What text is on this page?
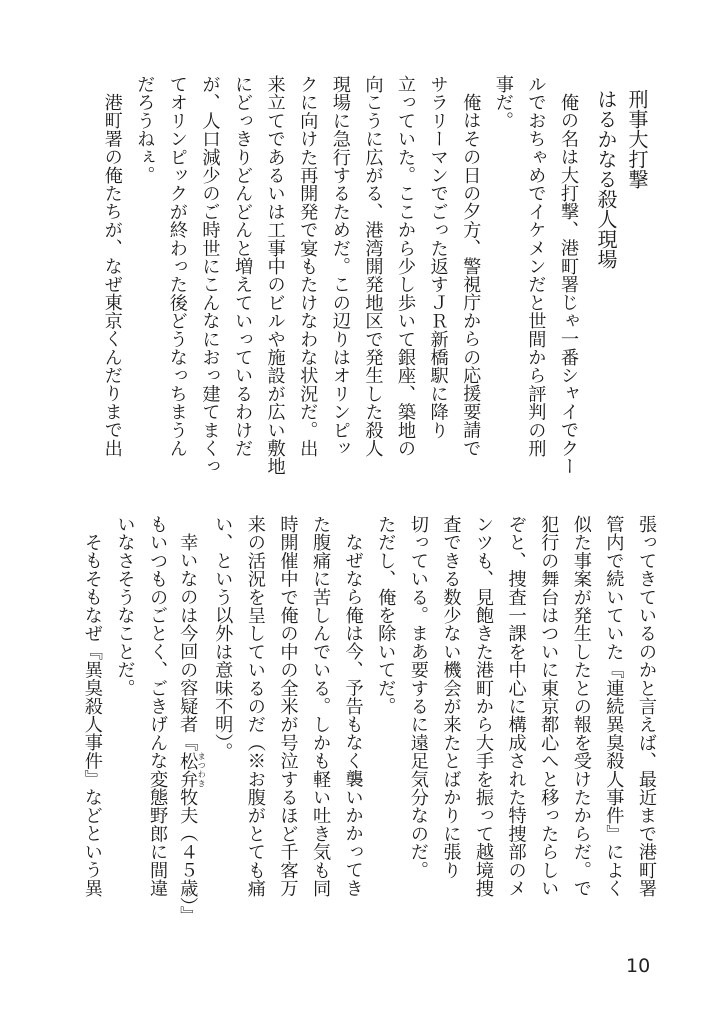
刑事大打撃
はるかなる殺人現場
俺の名は大打撃、港町署じゃ一番シャイでクー
ルでおちゃめでイケメンだと世間から評判の刑
事だ。
俺はその日の夕方、警視庁からの応援要請で
サラリーマンでごった返すＪＲ新橋駅に降り
立っていた。ここから少し歩いて銀座、築地の
向こうに広がる、港湾開発地区で発生した殺人
現場に急行するためだ。この辺りはオリンピッ
クに向けた再開発で宴もたけなわな状況だ。出
来立てであるいは工事中のビルや施設が広い敷地
にどっきりどんどんと増えていっているわけだ
が、人口減少のご時世にこんなにおっ建てまくっ
てオリンピックが終わった後どうなっちまうん
だろうねぇ。
港町署の俺たちが、なぜ東京くんだりまで出
張ってきているのかと言えば、最近まで港町署
管内で続いていた『連続異臭殺人事件』によく
似た事案が発生したとの報を受けたからだ。で
犯行の舞台はついに東京都心へと移ったらしい
ぞと、捜査一課を中心に構成された特捜部のメ
ンツも、見飽きた港町から大手を振って越境捜
査できる数少ない機会が来たとばかりに張り
切っている。まあ要するに遠足気分なのだ。
ただし、俺を除いてだ。
なぜなら俺は今、予告もなく襲いかかってき
た腹痛に苦しんでいる。しかも軽い吐き気も同
時開催中で俺の中の全米が号泣するほど千客万
来の活況を呈しているのだ（※お腹がとても痛
い、という以外は意味不明）。
幸いなのは今回の容疑者『松弁 まつわき牧夫（４５歳）』
もいつものごとく、ごきげんな変態野郎に間違
いなさそうなことだ。
そもそもなぜ『異臭殺人事件』などという異
10
